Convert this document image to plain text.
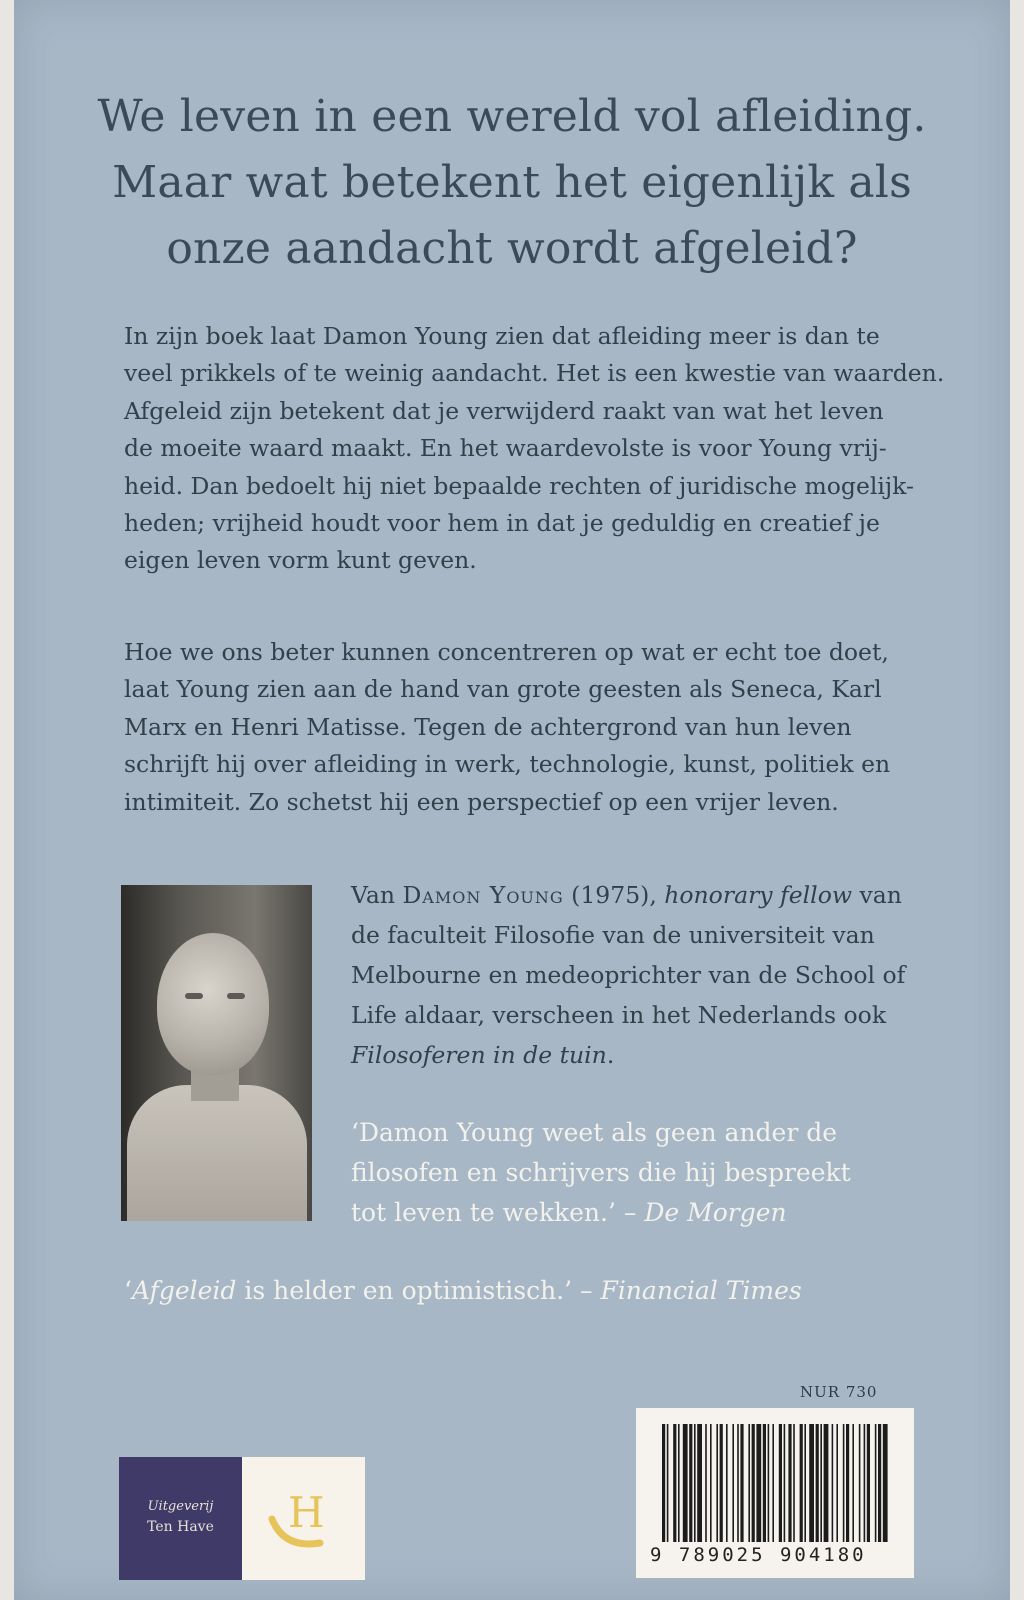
We leven in een wereld vol afleiding.
Maar wat betekent het eigenlijk als
onze aandacht wordt afgeleid?
In zijn boek laat Damon Young zien dat afleiding meer is dan te
veel prikkels of te weinig aandacht. Het is een kwestie van waarden.
Afgeleid zijn betekent dat je verwijderd raakt van wat het leven
de moeite waard maakt. En het waardevolste is voor Young vrij-
heid. Dan bedoelt hij niet bepaalde rechten of juridische mogelijk-
heden; vrijheid houdt voor hem in dat je geduldig en creatief je
eigen leven vorm kunt geven.
Hoe we ons beter kunnen concentreren op wat er echt toe doet,
laat Young zien aan de hand van grote geesten als Seneca, Karl
Marx en Henri Matisse. Tegen de achtergrond van hun leven
schrijft hij over afleiding in werk, technologie, kunst, politiek en
intimiteit. Zo schetst hij een perspectief op een vrijer leven.
Van Damon Young (1975), honorary fellow van
de faculteit Filosofie van de universiteit van
Melbourne en medeoprichter van de School of
Life aldaar, verscheen in het Nederlands ook
Filosoferen in de tuin.
‘Damon Young weet als geen ander de
filosofen en schrijvers die hij bespreekt
tot leven te wekken.’ – De Morgen
‘Afgeleid is helder en optimistisch.’ – Financial Times
NUR 730
9 789025 904180
Uitgeverij
Ten Have	H
